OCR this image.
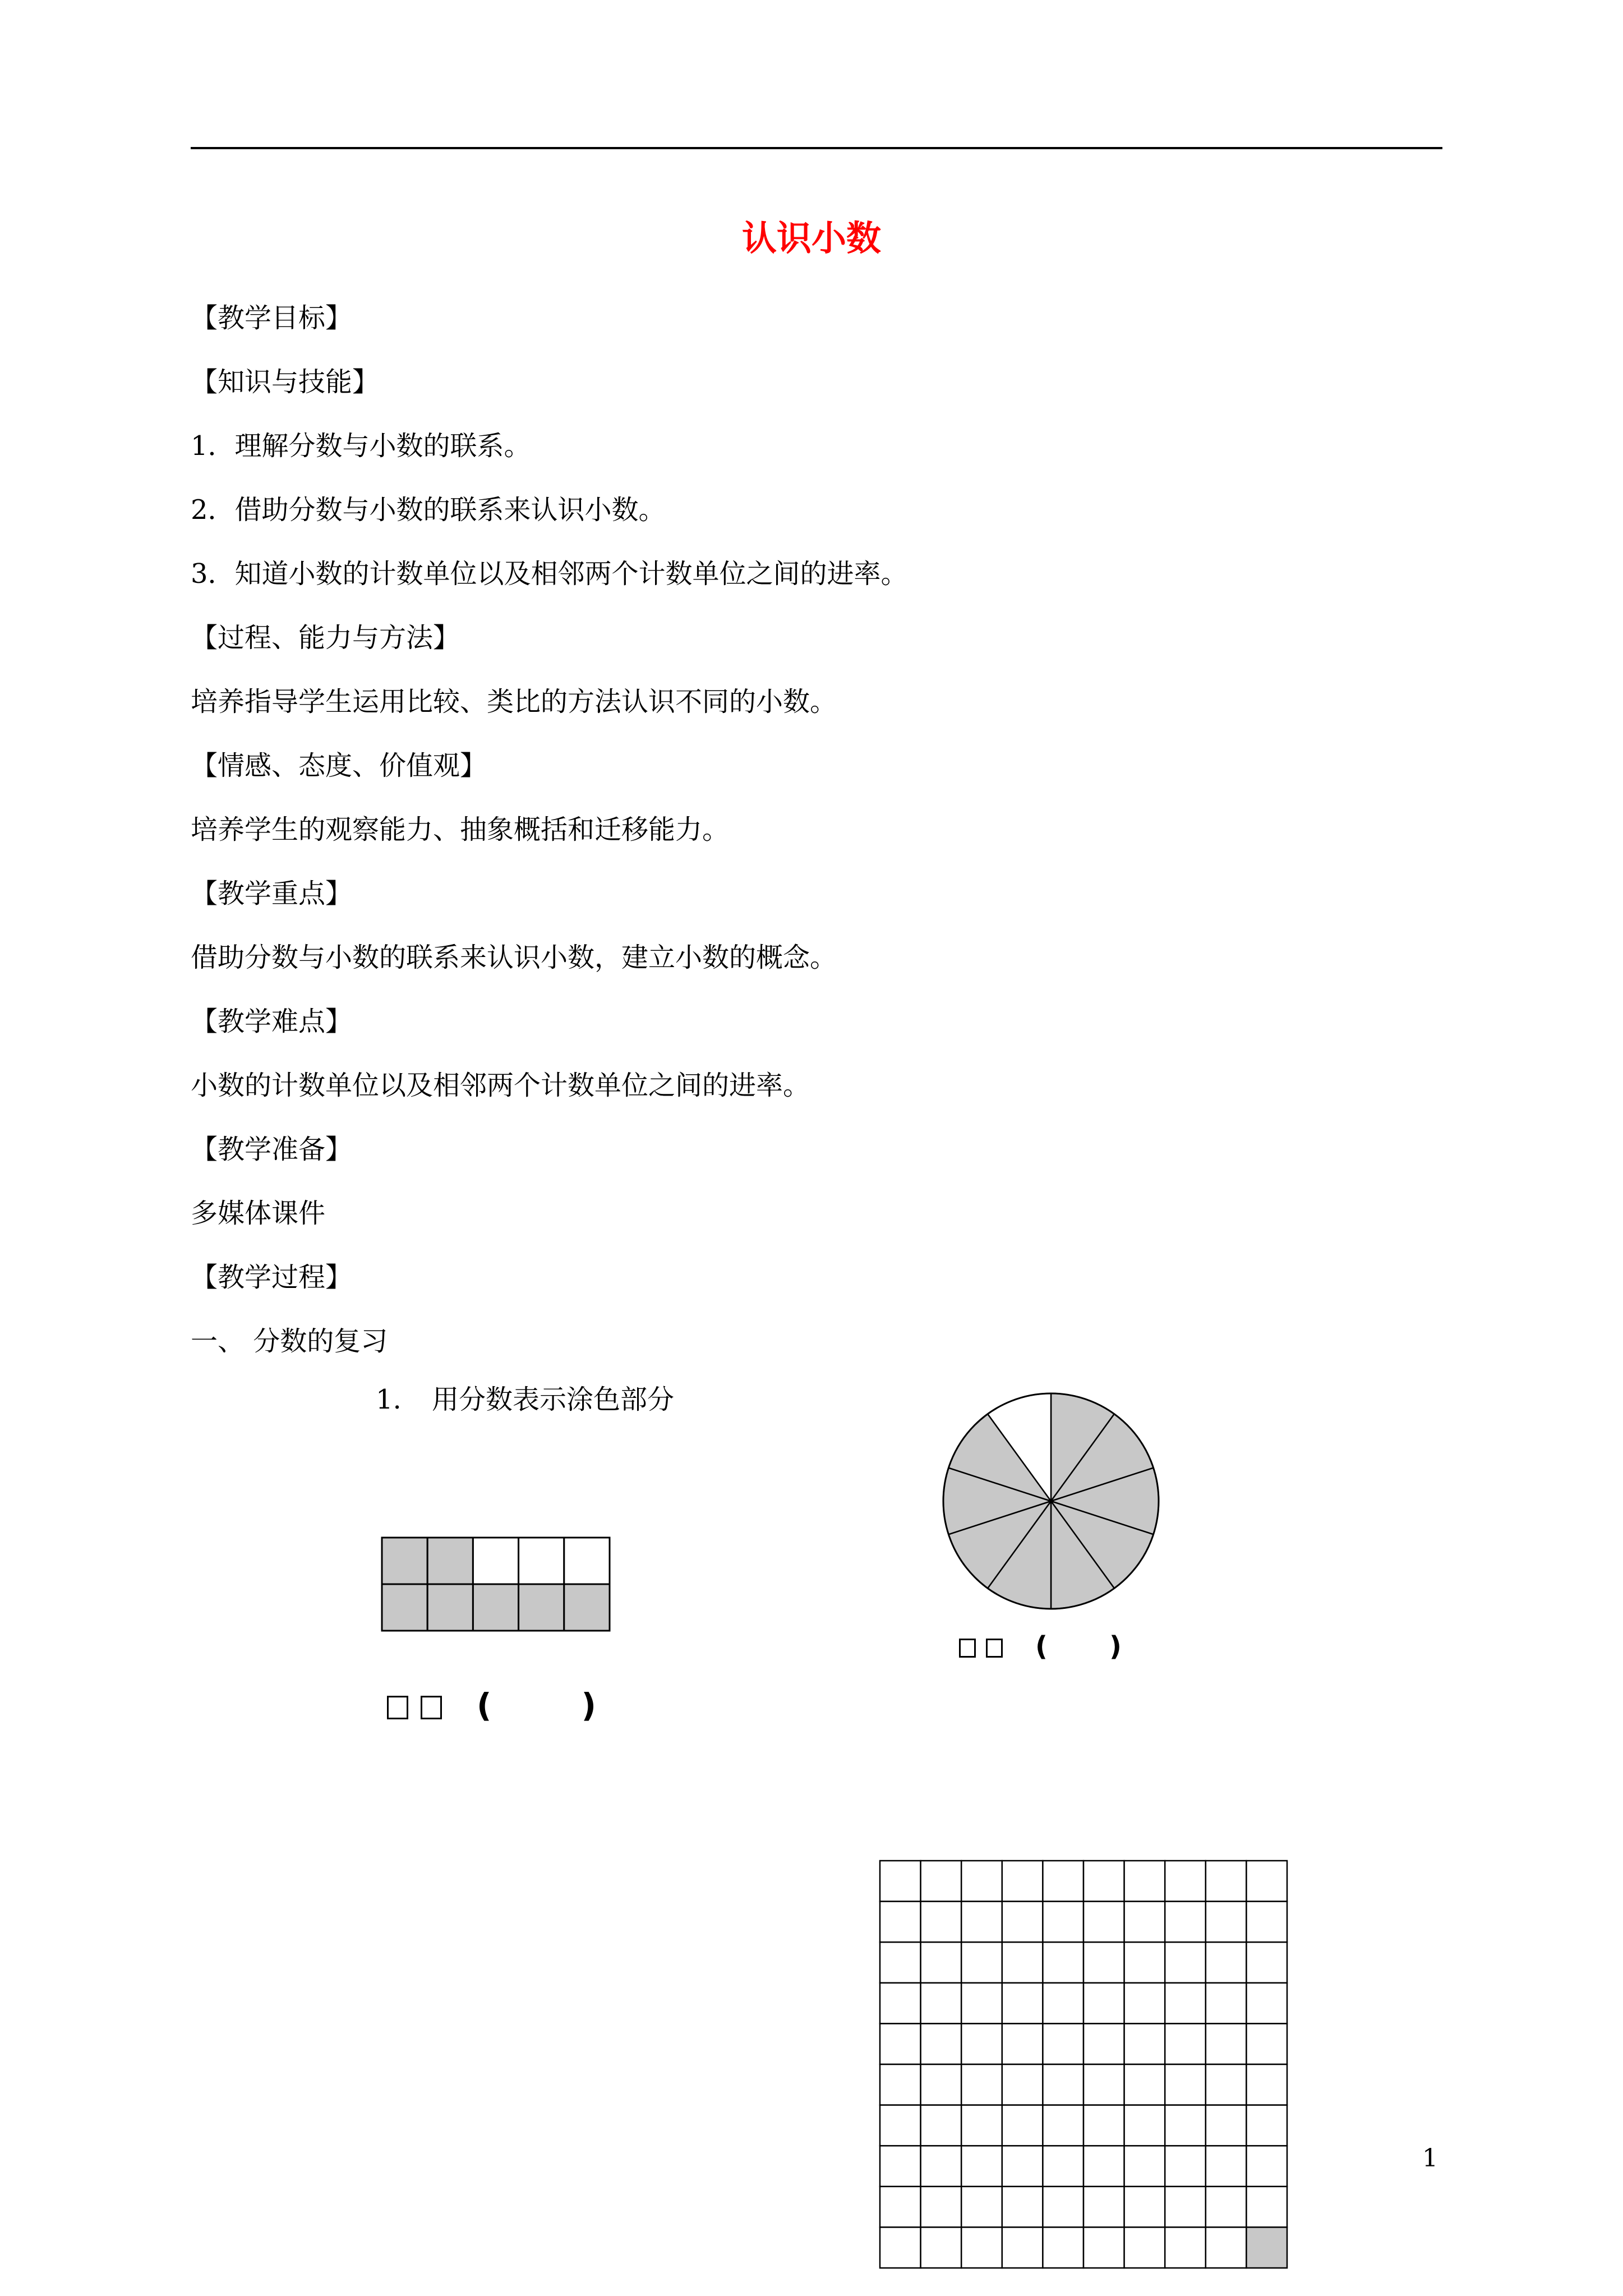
认识小数
【教学目标】
【知识与技能】
1．理解分数与小数的联系。
2．借助分数与小数的联系来认识小数。
3．知道小数的计数单位以及相邻两个计数单位之间的进率。
【过程、能力与方法】
培养指导学生运用比较、类比的方法认识不同的小数。
【情感、态度、价值观】
培养学生的观察能力、抽象概括和迁移能力。
【教学重点】
借助分数与小数的联系来认识小数，建立小数的概念。
【教学难点】
小数的计数单位以及相邻两个计数单位之间的进率。
【教学准备】
多媒体课件
【教学过程】
一、 分数的复习
1. 用分数表示涂色部分
(	)
( )
1
